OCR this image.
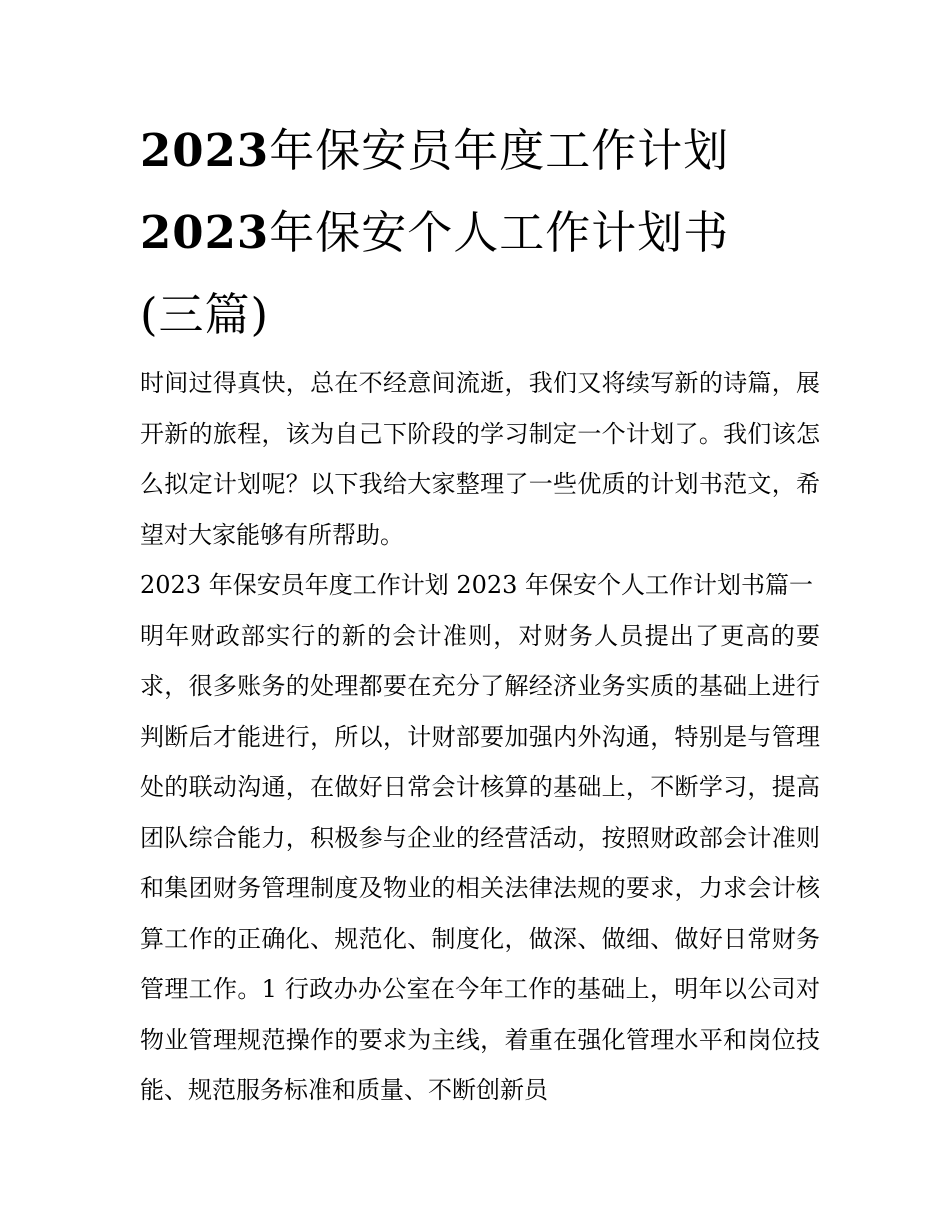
2023年保安员年度工作计划
2023年保安个人工作计划书
(三篇)

时间过得真快，总在不经意间流逝，我们又将续写新的诗篇，展开新的旅程，该为自己下阶段的学习制定一个计划了。我们该怎么拟定计划呢？以下我给大家整理了一些优质的计划书范文，希望对大家能够有所帮助。

2023 年保安员年度工作计划 2023 年保安个人工作计划书篇一

明年财政部实行的新的会计准则，对财务人员提出了更高的要求，很多账务的处理都要在充分了解经济业务实质的基础上进行判断后才能进行，所以，计财部要加强内外沟通，特别是与管理处的联动沟通，在做好日常会计核算的基础上，不断学习，提高团队综合能力，积极参与企业的经营活动，按照财政部会计准则和集团财务管理制度及物业的相关法律法规的要求，力求会计核算工作的正确化、规范化、制度化，做深、做细、做好日常财务管理工作。1 行政办办公室在今年工作的基础上，明年以公司对物业管理规范操作的要求为主线，着重在强化管理水平和岗位技能、规范服务标准和质量、不断创新员
